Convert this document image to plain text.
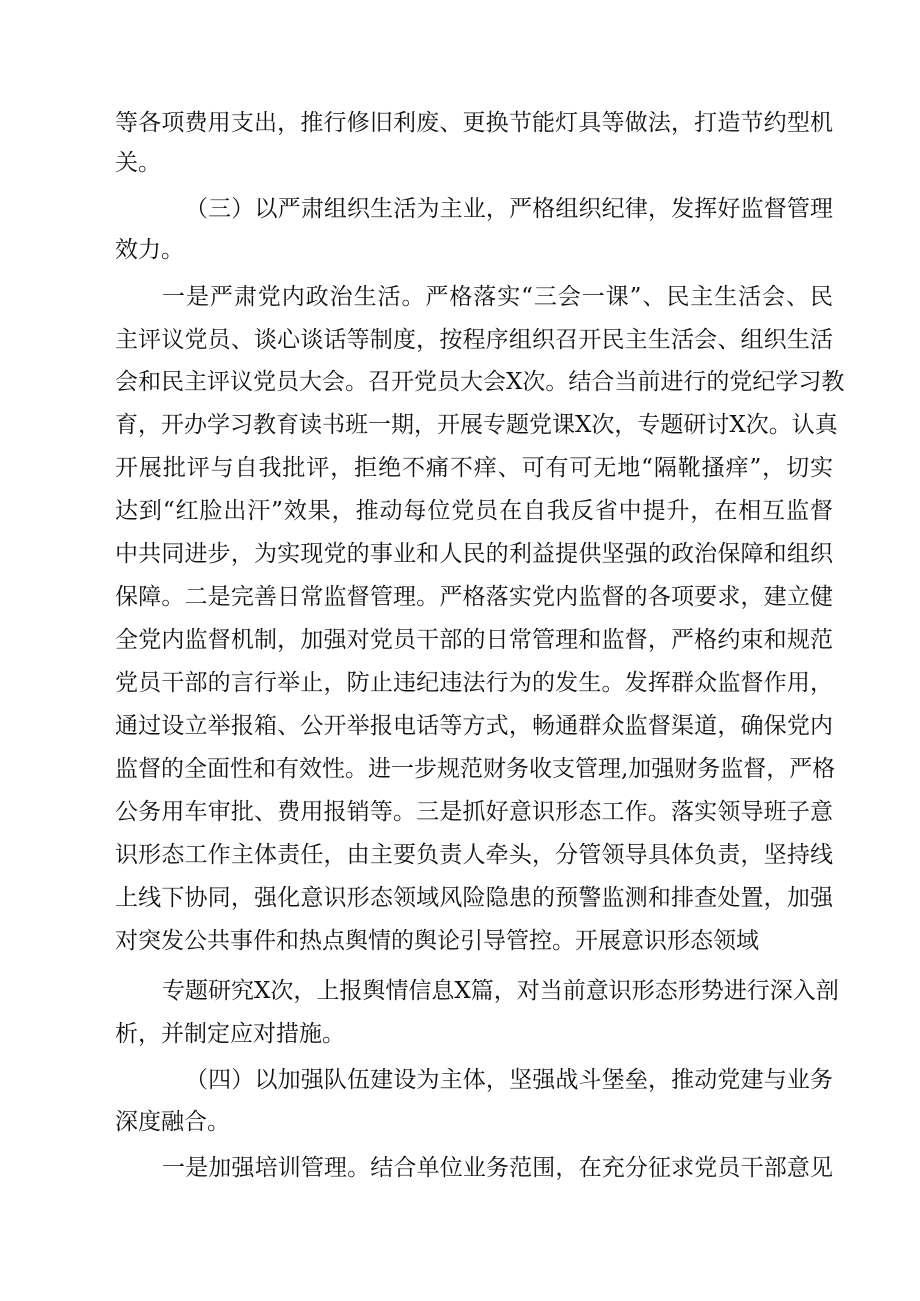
等各项费用支出，推行修旧利废、更换节能灯具等做法，打造节约型机
关。
（三）以严肃组织生活为主业，严格组织纪律，发挥好监督管理
效力。
一是严肃党内政治生活。严格落实“三会一课”、民主生活会、民
主评议党员、谈心谈话等制度，按程序组织召开民主生活会、组织生活
会和民主评议党员大会。召开党员大会X次。结合当前进行的党纪学习教
育，开办学习教育读书班一期，开展专题党课X次，专题研讨X次。认真
开展批评与自我批评，拒绝不痛不痒、可有可无地“隔靴搔痒”，切实
达到“红脸出汗”效果，推动每位党员在自我反省中提升，在相互监督
中共同进步，为实现党的事业和人民的利益提供坚强的政治保障和组织
保障。二是完善日常监督管理。严格落实党内监督的各项要求，建立健
全党内监督机制，加强对党员干部的日常管理和监督，严格约束和规范
党员干部的言行举止，防止违纪违法行为的发生。发挥群众监督作用，
通过设立举报箱、公开举报电话等方式，畅通群众监督渠道，确保党内
监督的全面性和有效性。进一步规范财务收支管理,加强财务监督，严格
公务用车审批、费用报销等。三是抓好意识形态工作。落实领导班子意
识形态工作主体责任，由主要负责人牵头，分管领导具体负责，坚持线
上线下协同，强化意识形态领域风险隐患的预警监测和排查处置，加强
对突发公共事件和热点舆情的舆论引导管控。开展意识形态领域
专题研究X次，上报舆情信息X篇，对当前意识形态形势进行深入剖
析，并制定应对措施。
（四）以加强队伍建设为主体，坚强战斗堡垒，推动党建与业务
深度融合。
一是加强培训管理。结合单位业务范围，在充分征求党员干部意见
